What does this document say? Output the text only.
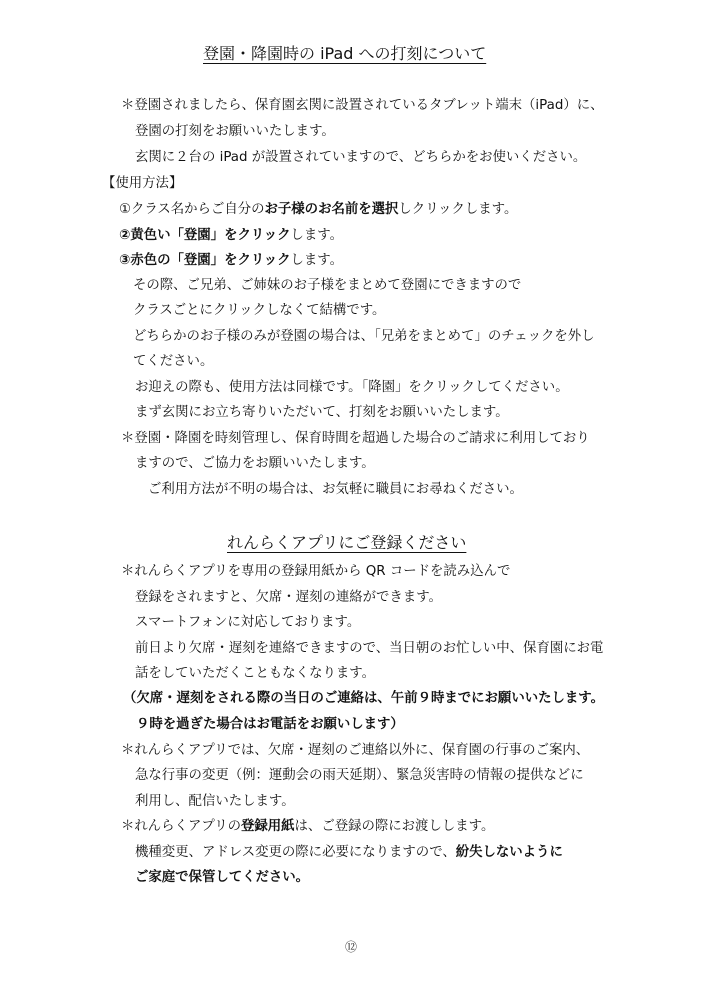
登園・降園時の iPad への打刻について
＊登園されましたら、保育園玄関に設置されているタブレット端末（iPad）に、
登園の打刻をお願いいたします。
玄関に２台の iPad が設置されていますので、どちらかをお使いください。
【使用方法】
①クラス名からご自分のお子様のお名前を選択しクリックします。
②黄色い「登園」をクリックします。
③赤色の「登園」をクリックします。
その際、ご兄弟、ご姉妹のお子様をまとめて登園にできますので
クラスごとにクリックしなくて結構です。
どちらかのお子様のみが登園の場合は、「兄弟をまとめて」のチェックを外し
てください。
お迎えの際も、使用方法は同様です。「降園」をクリックしてください。
まず玄関にお立ち寄りいただいて、打刻をお願いいたします。
＊登園・降園を時刻管理し、保育時間を超過した場合のご請求に利用しており
ますので、ご協力をお願いいたします。
ご利用方法が不明の場合は、お気軽に職員にお尋ねください。
れんらくアプリにご登録ください
＊れんらくアプリを専用の登録用紙から QR コードを読み込んで
登録をされますと、欠席・遅刻の連絡ができます。
スマートフォンに対応しております。
前日より欠席・遅刻を連絡できますので、当日朝のお忙しい中、保育園にお電
話をしていただくこともなくなります。
（欠席・遅刻をされる際の当日のご連絡は、午前９時までにお願いいたします。
９時を過ぎた場合はお電話をお願いします）
＊れんらくアプリでは、欠席・遅刻のご連絡以外に、保育園の行事のご案内、
急な行事の変更（例：運動会の雨天延期）、緊急災害時の情報の提供などに
利用し、配信いたします。
＊れんらくアプリの登録用紙は、ご登録の際にお渡しします。
機種変更、アドレス変更の際に必要になりますので、紛失しないように
ご家庭で保管してください。
⑫
